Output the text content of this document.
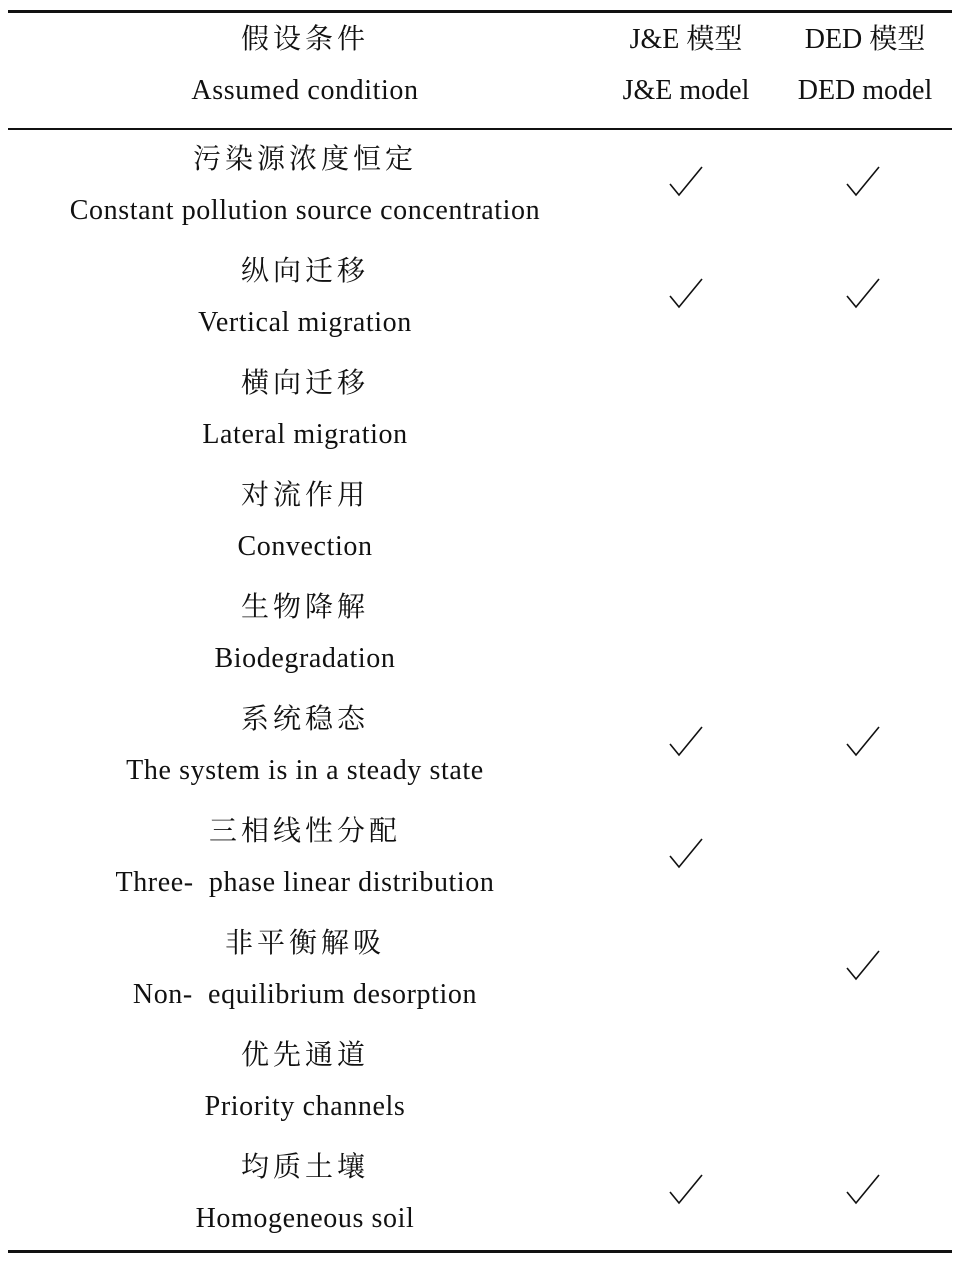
假设条件
Assumed condition
J&E 模型
J&E model
DED 模型
DED model
污染源浓度恒定
Constant pollution source concentration
纵向迁移
Vertical migration
横向迁移
Lateral migration
对流作用
Convection
生物降解
Biodegradation
系统稳态
The system is in a steady state
三相线性分配
Three-  phase linear distribution
非平衡解吸
Non-  equilibrium desorption
优先通道
Priority channels
均质土壤
Homogeneous soil
